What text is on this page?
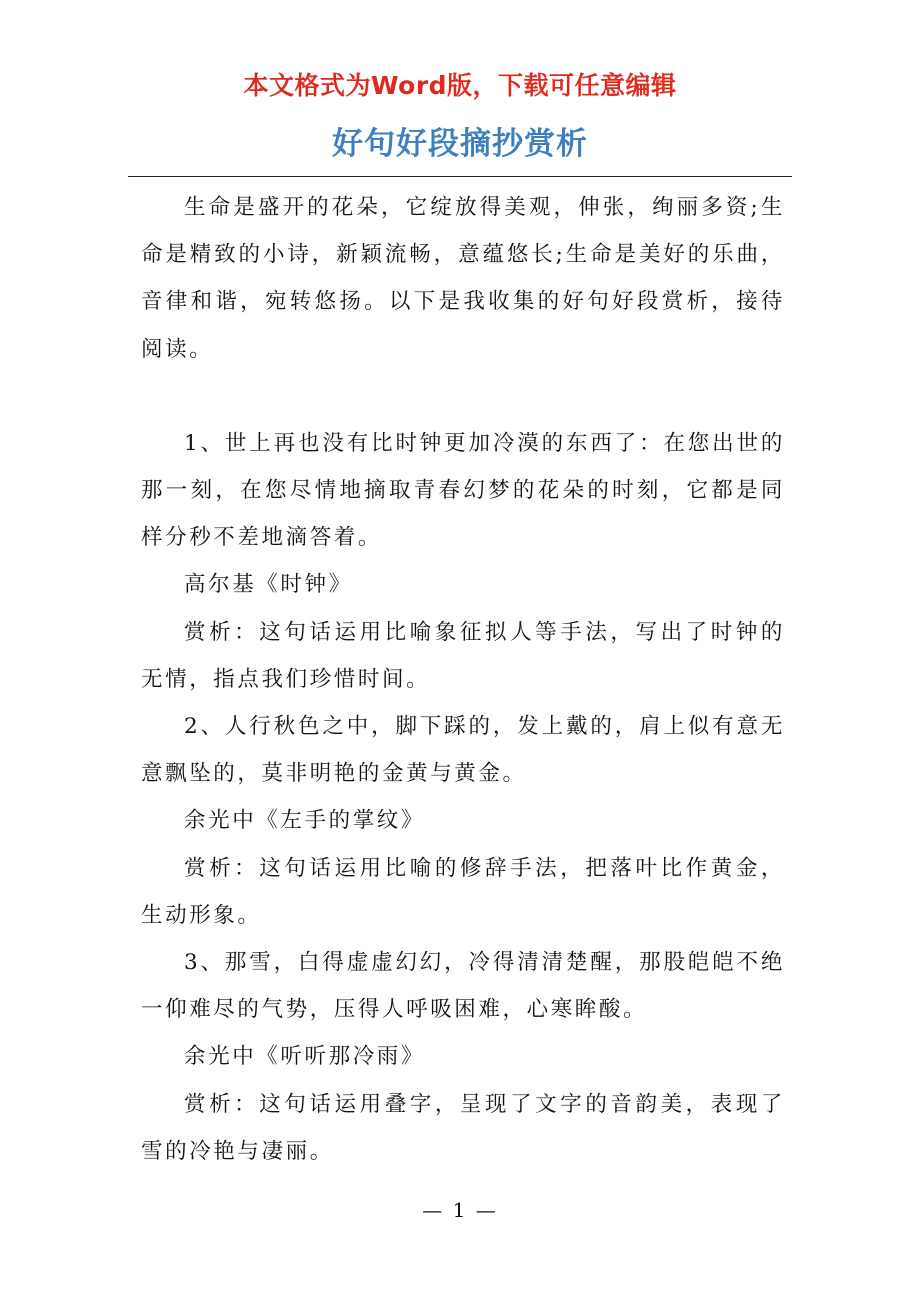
本文格式为Word版，下载可任意编辑
好句好段摘抄赏析

生命是盛开的花朵，它绽放得美观，伸张，绚丽多资;生命是精致的小诗，新颖流畅，意蕴悠长;生命是美好的乐曲，音律和谐，宛转悠扬。以下是我收集的好句好段赏析，接待阅读。

1、世上再也没有比时钟更加冷漠的东西了：在您出世的那一刻，在您尽情地摘取青春幻梦的花朵的时刻，它都是同样分秒不差地滴答着。

高尔基《时钟》

赏析：这句话运用比喻象征拟人等手法，写出了时钟的无情，指点我们珍惜时间。

2、人行秋色之中，脚下踩的，发上戴的，肩上似有意无意飘坠的，莫非明艳的金黄与黄金。

余光中《左手的掌纹》

赏析：这句话运用比喻的修辞手法，把落叶比作黄金，生动形象。

3、那雪，白得虚虚幻幻，冷得清清楚醒，那股皑皑不绝一仰难尽的气势，压得人呼吸困难，心寒眸酸。

余光中《听听那冷雨》

赏析：这句话运用叠字，呈现了文字的音韵美，表现了雪的冷艳与凄丽。

— 1 —
